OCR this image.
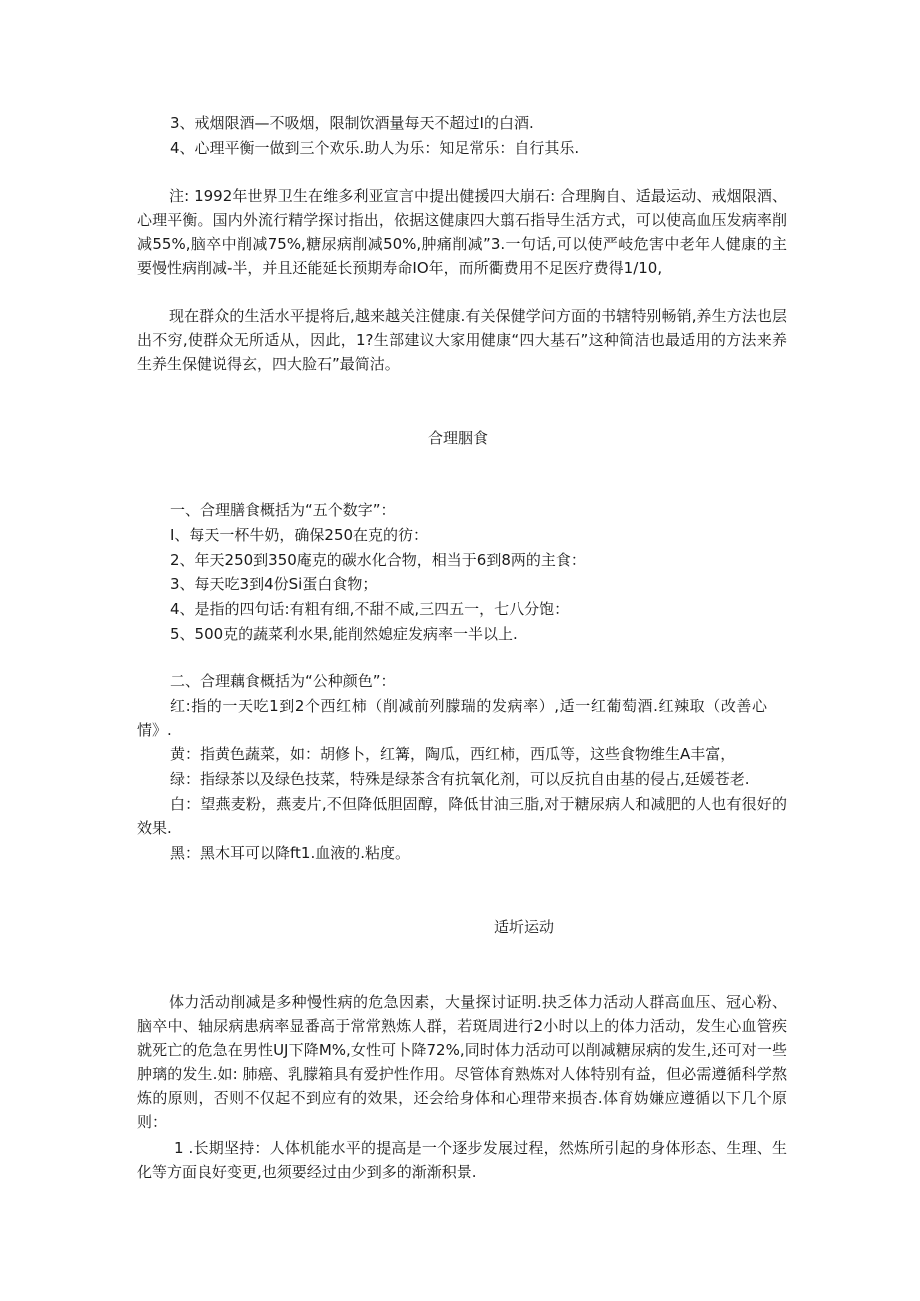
3、戒烟限酒—不吸烟，限制饮酒量每天不超过I的白酒.

4、心理平衡一做到三个欢乐.助人为乐：知足常乐：自行其乐.

注: 1992年世界卫生在维多利亚宣言中提出健援四大崩石: 合理胸自、适最运动、戒烟限酒、心理平衡。国内外流行精学探讨指出，依据这健康四大翦石指导生活方式，可以使高血压发病率削减55%,脑卒中削减75%,糖尿病削减50%,肿痛削减”3.一句话,可以使严岐危害中老年人健康的主要慢性病削减-半，并且还能延长预期寿命IO年，而所衢费用不足医疗费得1/10,

现在群众的生活水平提将后,越来越关注健康.有关保健学问方面的书辖特别畅销,养生方法也层出不穷,使群众无所适从，因此，1?生部建议大家用健康“四大基石”这种简洁也最适用的方法来养生养生保健说得玄，四大脸石”最简沽。

合理胭食

一、合理膳食概括为“五个数字”：

I、每天一杯牛奶，确保250在克的彷：

2、年天250到350庵克的碳水化合物，相当于6到8两的主食：

3、每天吃3到4份Si蛋白食物；

4、是指的四句话:有粗有细,不甜不咸,三四五一，七八分饱：

5、500克的蔬菜利水果,能削然媳症发病率一半以上.

二、合理藕食概括为“公种颜色”：

红:指的一天吃1到2个西红柿（削减前列朦瑞的发病率）,适一红葡萄酒.红辣取（改善心情》.

黄：指黄色蔬菜，如：胡修卜，红篝，陶瓜，西红柿，西瓜等，这些食物维生A丰富，

绿：指绿茶以及绿色技菜，特殊是绿茶含有抗氧化剂，可以反抗自由基的侵占,廷媛苍老.

白：望燕麦粉，燕麦片,不但降低胆固醇，降低甘油三脂,对于糖尿病人和减肥的人也有很好的效果.

黑：黑木耳可以降ft1.血液的.粘度。

适圻运动

体力活动削减是多种慢性病的危急因素，大量探讨证明.抉乏体力活动人群高血压、冠心粉、脑卒中、轴尿病患病率显番高于常常熟炼人群，若斑周进行2小时以上的体力活动，发生心血管疾就死亡的危急在男性UJ下降M%,女性可卜降72%,同时体力活动可以削减糖尿病的发生,还可对一些肿璃的发生.如: 肺癌、乳朦箱具有爱护性作用。尽管体育熟炼对人体特别有益，但必需遵循科学熬炼的原则，否则不仅起不到应有的效果，还会给身体和心理带来损杏.体育妫嫌应遵循以下几个原则：

1 .长期坚持：人体机能水平的提高是一个逐步发展过程，然炼所引起的身体形态、生理、生化等方面良好变更,也须要经过由少到多的渐渐积景.
